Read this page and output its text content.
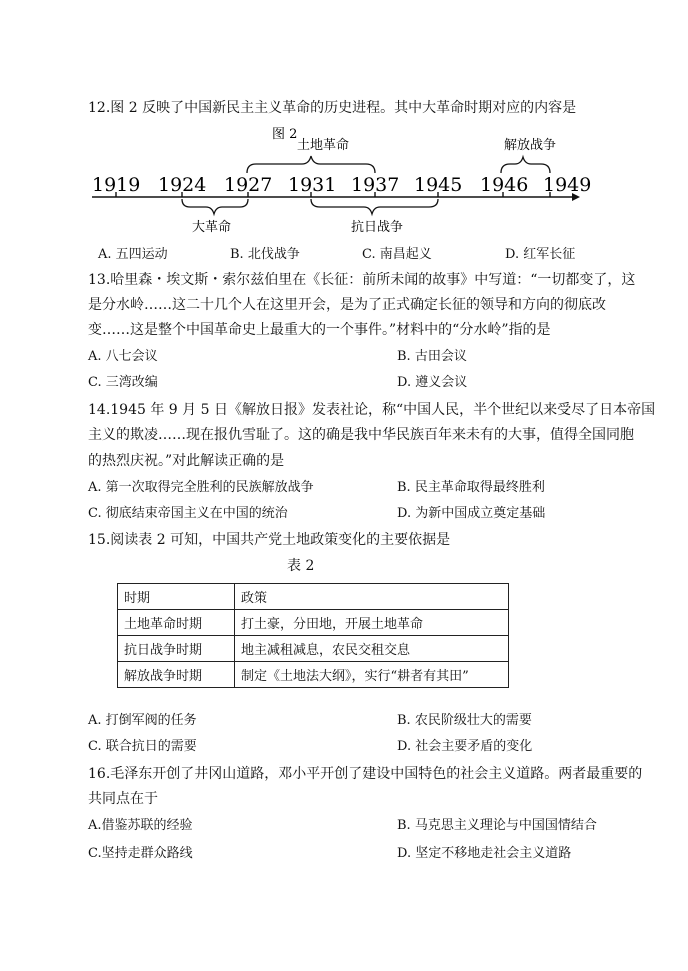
12.图 2 反映了中国新民主主义革命的历史进程。其中大革命时期对应的内容是
图 2
土地革命	解放战争
1919 1924 1927 1931 1937 1945 1946 1949
大革命	抗日战争
A. 五四运动	B. 北伐战争	C. 南昌起义	D. 红军长征
13.哈里森・埃文斯・索尔兹伯里在《长征：前所未闻的故事》中写道：“一切都变了，这
是分水岭……这二十几个人在这里开会，是为了正式确定长征的领导和方向的彻底改
变……这是整个中国革命史上最重大的一个事件。”材料中的“分水岭”指的是
A. 八七会议	B. 古田会议
C. 三湾改编	D. 遵义会议
14.1945 年 9 月 5 日《解放日报》发表社论，称“中国人民，半个世纪以来受尽了日本帝国
主义的欺凌……现在报仇雪耻了。这的确是我中华民族百年来未有的大事，值得全国同胞
的热烈庆祝。”对此解读正确的是
A. 第一次取得完全胜利的民族解放战争	B. 民主革命取得最终胜利
C. 彻底结束帝国主义在中国的统治	D. 为新中国成立奠定基础
15.阅读表 2 可知，中国共产党土地政策变化的主要依据是
表 2
时期	政策
土地革命时期	打土豪，分田地，开展土地革命
抗日战争时期	地主减租减息，农民交租交息
解放战争时期	制定《土地法大纲》，实行“耕者有其田”
A. 打倒军阀的任务	B. 农民阶级壮大的需要
C. 联合抗日的需要	D. 社会主要矛盾的变化
16.毛泽东开创了井冈山道路，邓小平开创了建设中国特色的社会主义道路。两者最重要的
共同点在于
A.借鉴苏联的经验	B. 马克思主义理论与中国国情结合
C.坚持走群众路线	D. 坚定不移地走社会主义道路
